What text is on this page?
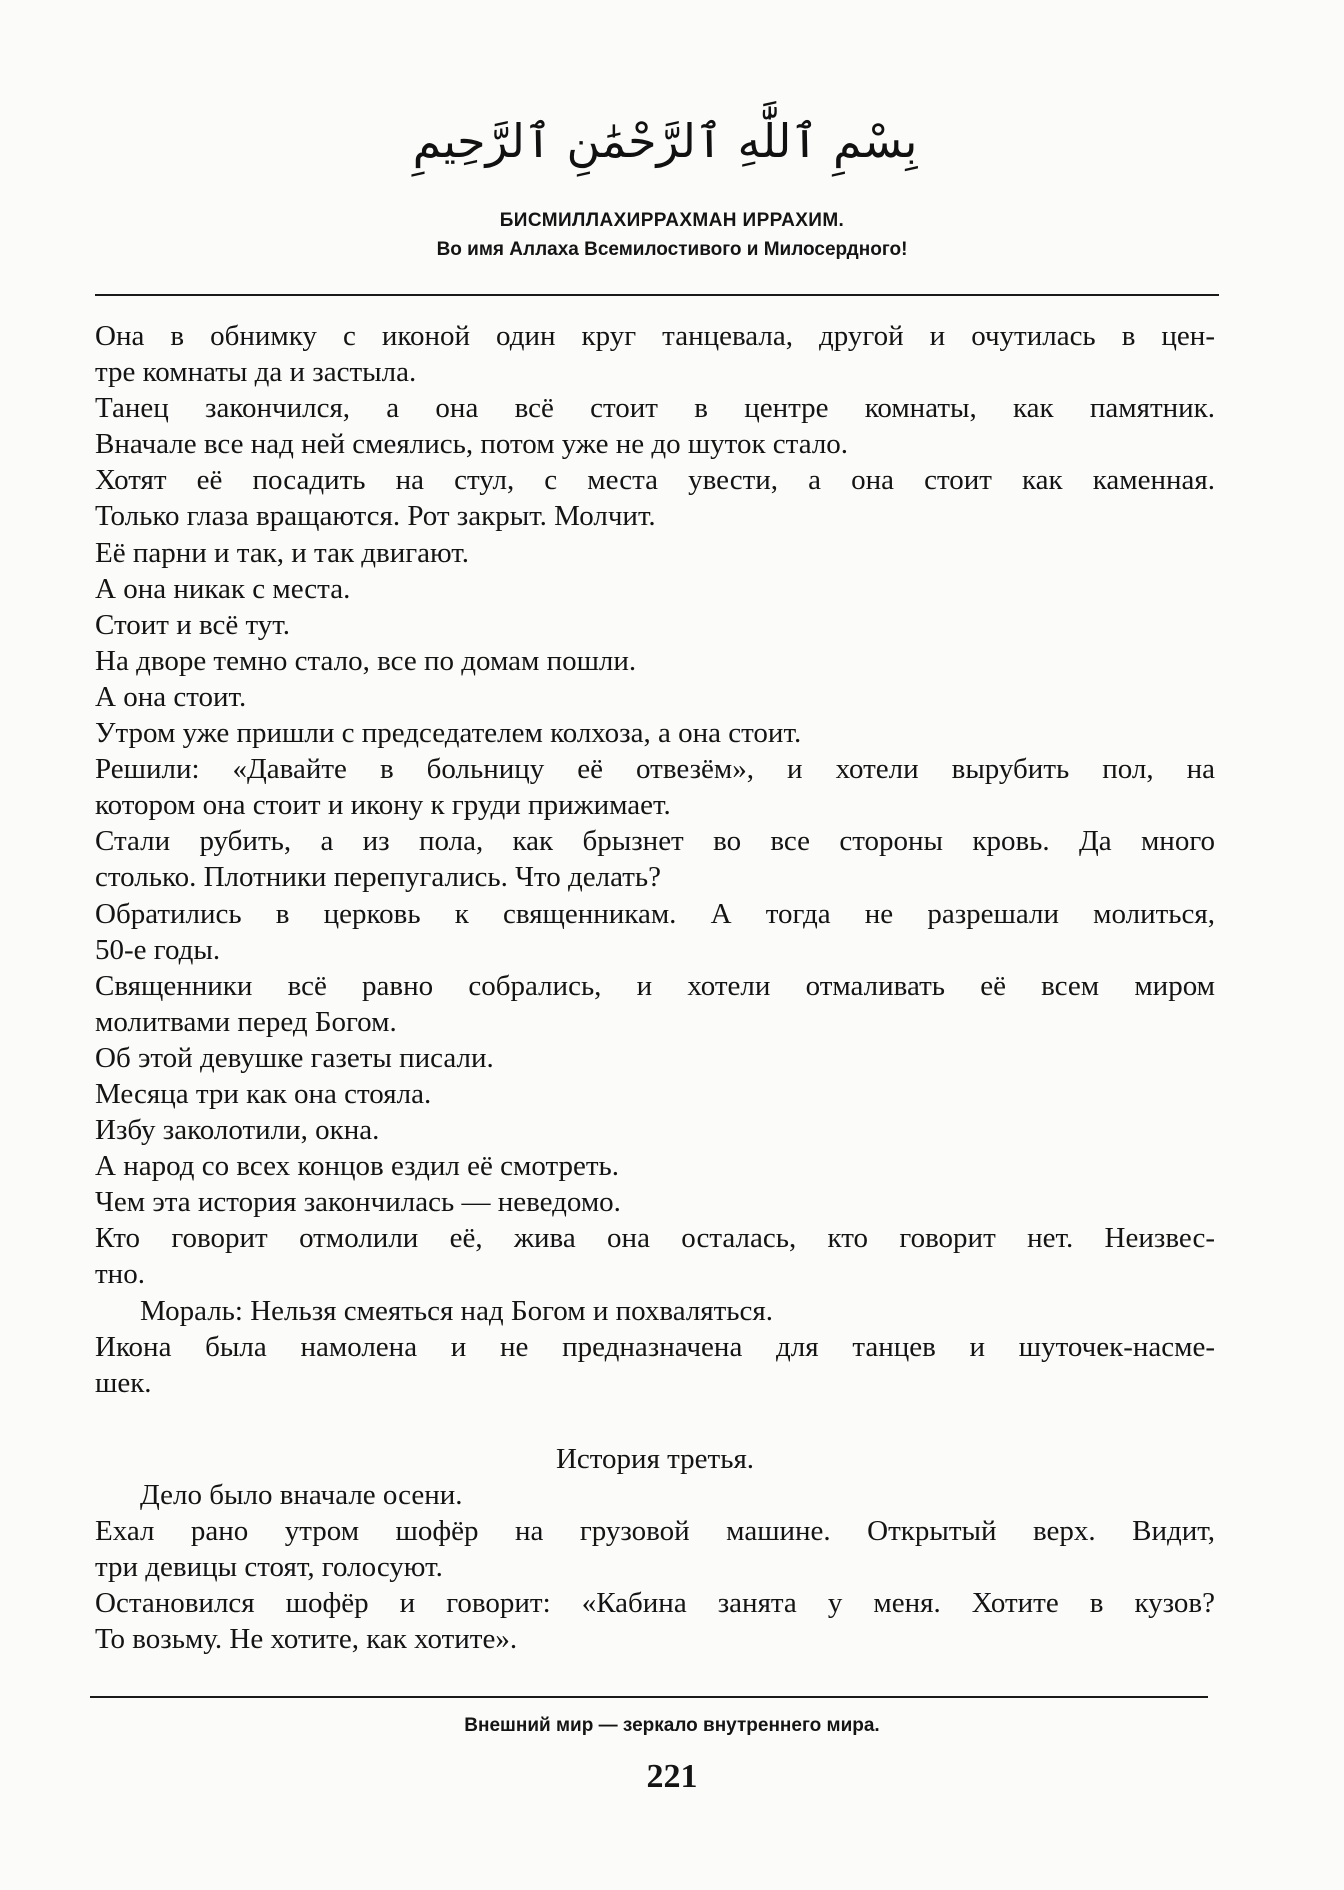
بِسْمِ ٱللَّٰهِ ٱلرَّحْمَٰنِ ٱلرَّحِيمِ
БИСМИЛЛАХИРРАХМАН ИРРАХИМ.
Во имя Аллаха Всемилостивого и Милосердного!
Она в обнимку с иконой один круг танцевала, другой и очутилась в цен-
тре комнаты да и застыла.
Танец закончился, а она всё стоит в центре комнаты, как памятник.
Вначале все над ней смеялись, потом уже не до шуток стало.
Хотят её посадить на стул, с места увести, а она стоит как каменная.
Только глаза вращаются. Рот закрыт. Молчит.
Её парни и так, и так двигают.
А она никак с места.
Стоит и всё тут.
На дворе темно стало, все по домам пошли.
А она стоит.
Утром уже пришли с председателем колхоза, а она стоит.
Решили: «Давайте в больницу её отвезём», и хотели вырубить пол, на
котором она стоит и икону к груди прижимает.
Стали рубить, а из пола, как брызнет во все стороны кровь. Да много
столько. Плотники перепугались. Что делать?
Обратились в церковь к священникам. А тогда не разрешали молиться,
50-е годы.
Священники всё равно собрались, и хотели отмаливать её всем миром
молитвами перед Богом.
Об этой девушке газеты писали.
Месяца три как она стояла.
Избу заколотили, окна.
А народ со всех концов ездил её смотреть.
Чем эта история закончилась — неведомо.
Кто говорит отмолили её, жива она осталась, кто говорит нет. Неизвес-
тно.
Мораль: Нельзя смеяться над Богом и похваляться.
Икона была намолена и не предназначена для танцев и шуточек-насме-
шек.
История третья.
Дело было вначале осени.
Ехал рано утром шофёр на грузовой машине. Открытый верх. Видит,
три девицы стоят, голосуют.
Остановился шофёр и говорит: «Кабина занята у меня. Хотите в кузов?
То возьму. Не хотите, как хотите».
Внешний мир — зеркало внутреннего мира.
221
